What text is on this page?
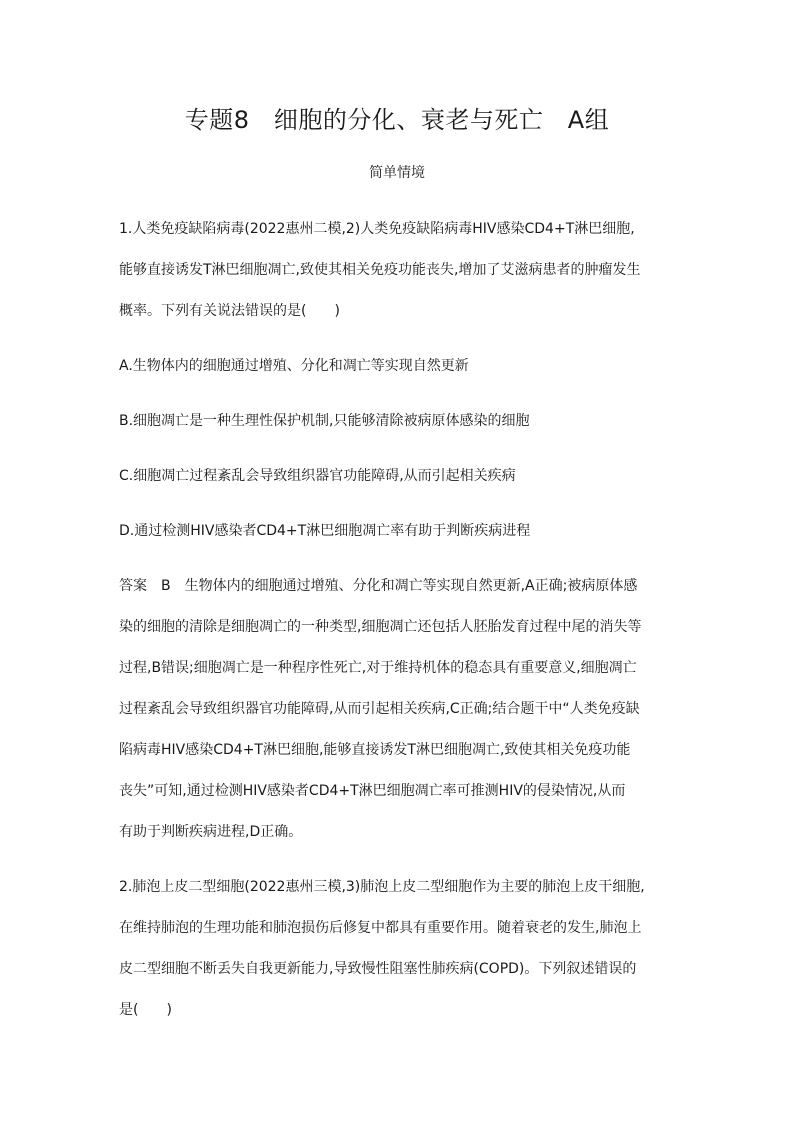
专题8   细胞的分化、衰老与死亡   A组
简单情境
1.人类免疫缺陷病毒(2022惠州二模,2)人类免疫缺陷病毒HIV感染CD4+T淋巴细胞,
能够直接诱发T淋巴细胞凋亡,致使其相关免疫功能丧失,增加了艾滋病患者的肿瘤发生
概率。下列有关说法错误的是(　　)
A.生物体内的细胞通过增殖、分化和凋亡等实现自然更新
B.细胞凋亡是一种生理性保护机制,只能够清除被病原体感染的细胞
C.细胞凋亡过程紊乱会导致组织器官功能障碍,从而引起相关疾病
D.通过检测HIV感染者CD4+T淋巴细胞凋亡率有助于判断疾病进程
答案　B　生物体内的细胞通过增殖、分化和凋亡等实现自然更新,A正确;被病原体感
染的细胞的清除是细胞凋亡的一种类型,细胞凋亡还包括人胚胎发育过程中尾的消失等
过程,B错误;细胞凋亡是一种程序性死亡,对于维持机体的稳态具有重要意义,细胞凋亡
过程紊乱会导致组织器官功能障碍,从而引起相关疾病,C正确;结合题干中“人类免疫缺
陷病毒HIV感染CD4+T淋巴细胞,能够直接诱发T淋巴细胞凋亡,致使其相关免疫功能
丧失”可知,通过检测HIV感染者CD4+T淋巴细胞凋亡率可推测HIV的侵染情况,从而
有助于判断疾病进程,D正确。
2.肺泡上皮二型细胞(2022惠州三模,3)肺泡上皮二型细胞作为主要的肺泡上皮干细胞,
在维持肺泡的生理功能和肺泡损伤后修复中都具有重要作用。随着衰老的发生,肺泡上
皮二型细胞不断丢失自我更新能力,导致慢性阻塞性肺疾病(COPD)。下列叙述错误的
是(　　)
